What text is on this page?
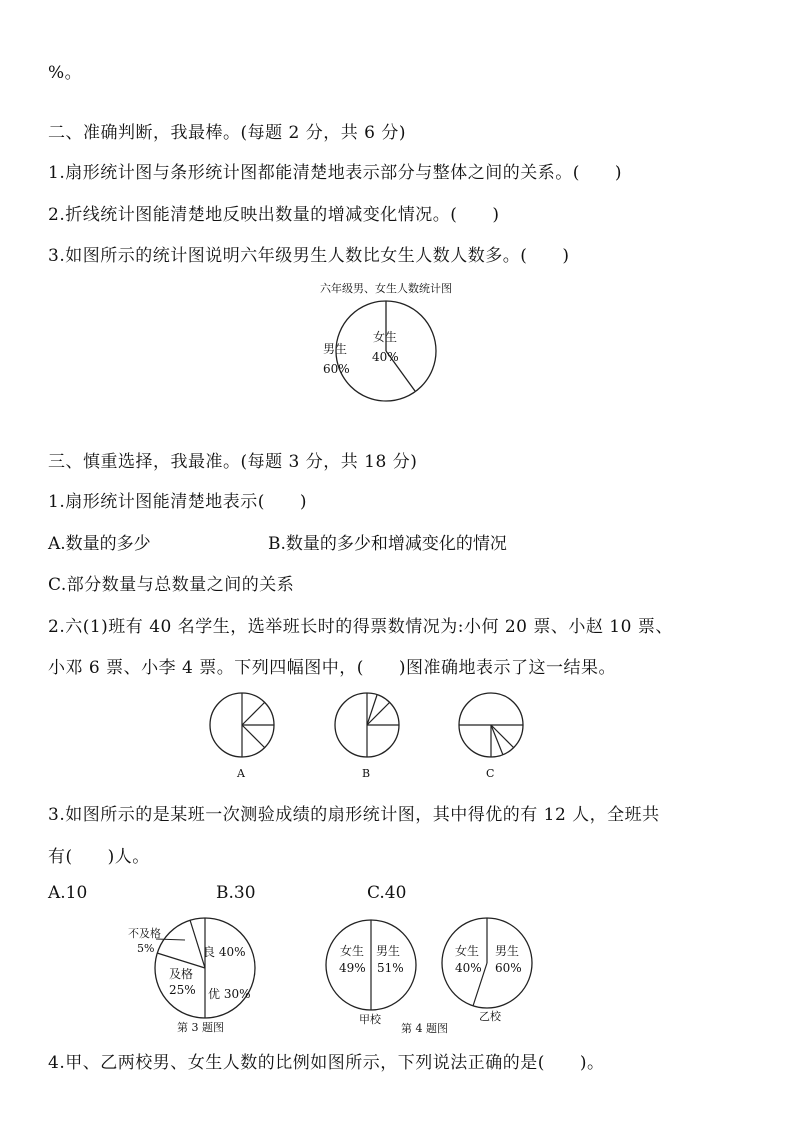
%。
二、准确判断，我最棒。(每题 2 分，共 6 分)
1.扇形统计图与条形统计图都能清楚地表示部分与整体之间的关系。(　　)
2.折线统计图能清楚地反映出数量的增减变化情况。(　　)
3.如图所示的统计图说明六年级男生人数比女生人数人数多。(　　)
六年级男、女生人数统计图
男生
60%
女生
40%
三、慎重选择，我最准。(每题 3 分，共 18 分)
1.扇形统计图能清楚地表示(　　)
A.数量的多少	B.数量的多少和增减变化的情况
C.部分数量与总数量之间的关系
2.六(1)班有 40 名学生，选举班长时的得票数情况为:小何 20 票、小赵 10 票、
小邓 6 票、小李 4 票。下列四幅图中，(　　)图准确地表示了这一结果。
A	B	C
3.如图所示的是某班一次测验成绩的扇形统计图，其中得优的有 12 人，全班共
有(　　)人。
A.10	B.30	C.40
不及格
5%	良 40%
及格
25% 优 30%
第 3 题图
女生
49%
男生
51%
甲校
女生
40%
男生
60%
乙校
第 4 题图
4.甲、乙两校男、女生人数的比例如图所示，下列说法正确的是(　　)。
